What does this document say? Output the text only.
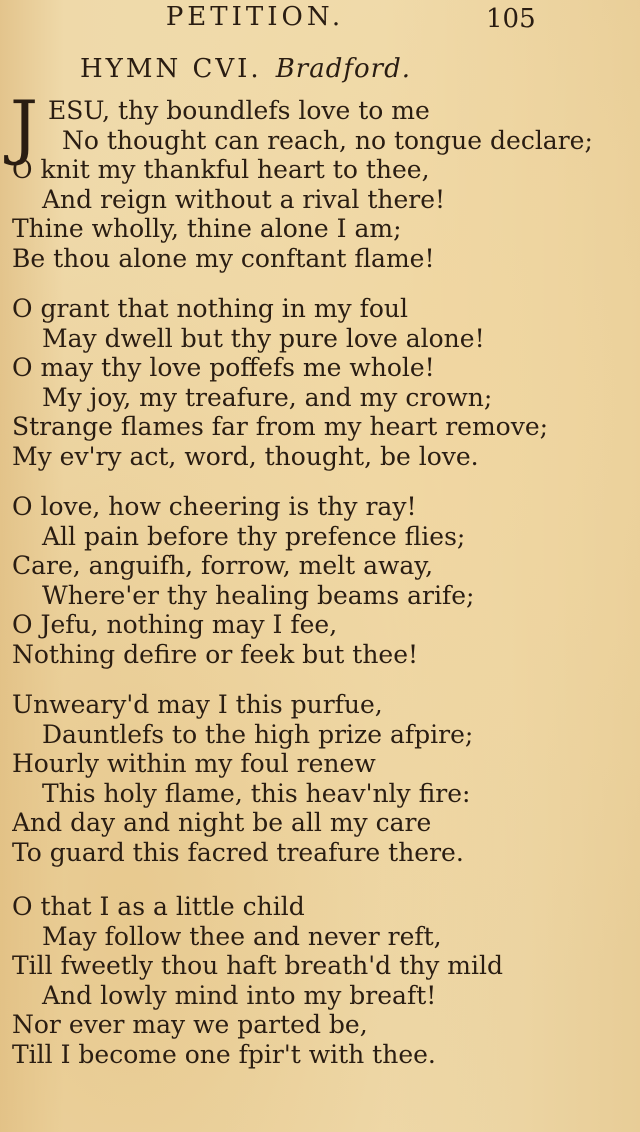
PETITION.	105
HYMN CVI. Bradford.
J ESU, thy boundlefs love to me
No thought can reach, no tongue declare;
O knit my thankful heart to thee,
And reign without a rival there!
Thine wholly, thine alone I am;
Be thou alone my conftant flame!
O grant that nothing in my foul
May dwell but thy pure love alone!
O may thy love poffefs me whole!
My joy, my treafure, and my crown;
Strange flames far from my heart remove;
My ev'ry act, word, thought, be love.
O love, how cheering is thy ray!
All pain before thy prefence flies;
Care, anguifh, forrow, melt away,
Where'er thy healing beams arife;
O Jefu, nothing may I fee,
Nothing defire or feek but thee!
Unweary'd may I this purfue,
Dauntlefs to the high prize afpire;
Hourly within my foul renew
This holy flame, this heav'nly fire:
And day and night be all my care
To guard this facred treafure there.
O that I as a little child
May follow thee and never reft,
Till fweetly thou haft breath'd thy mild
And lowly mind into my breaft!
Nor ever may we parted be,
Till I become one fpir't with thee.
